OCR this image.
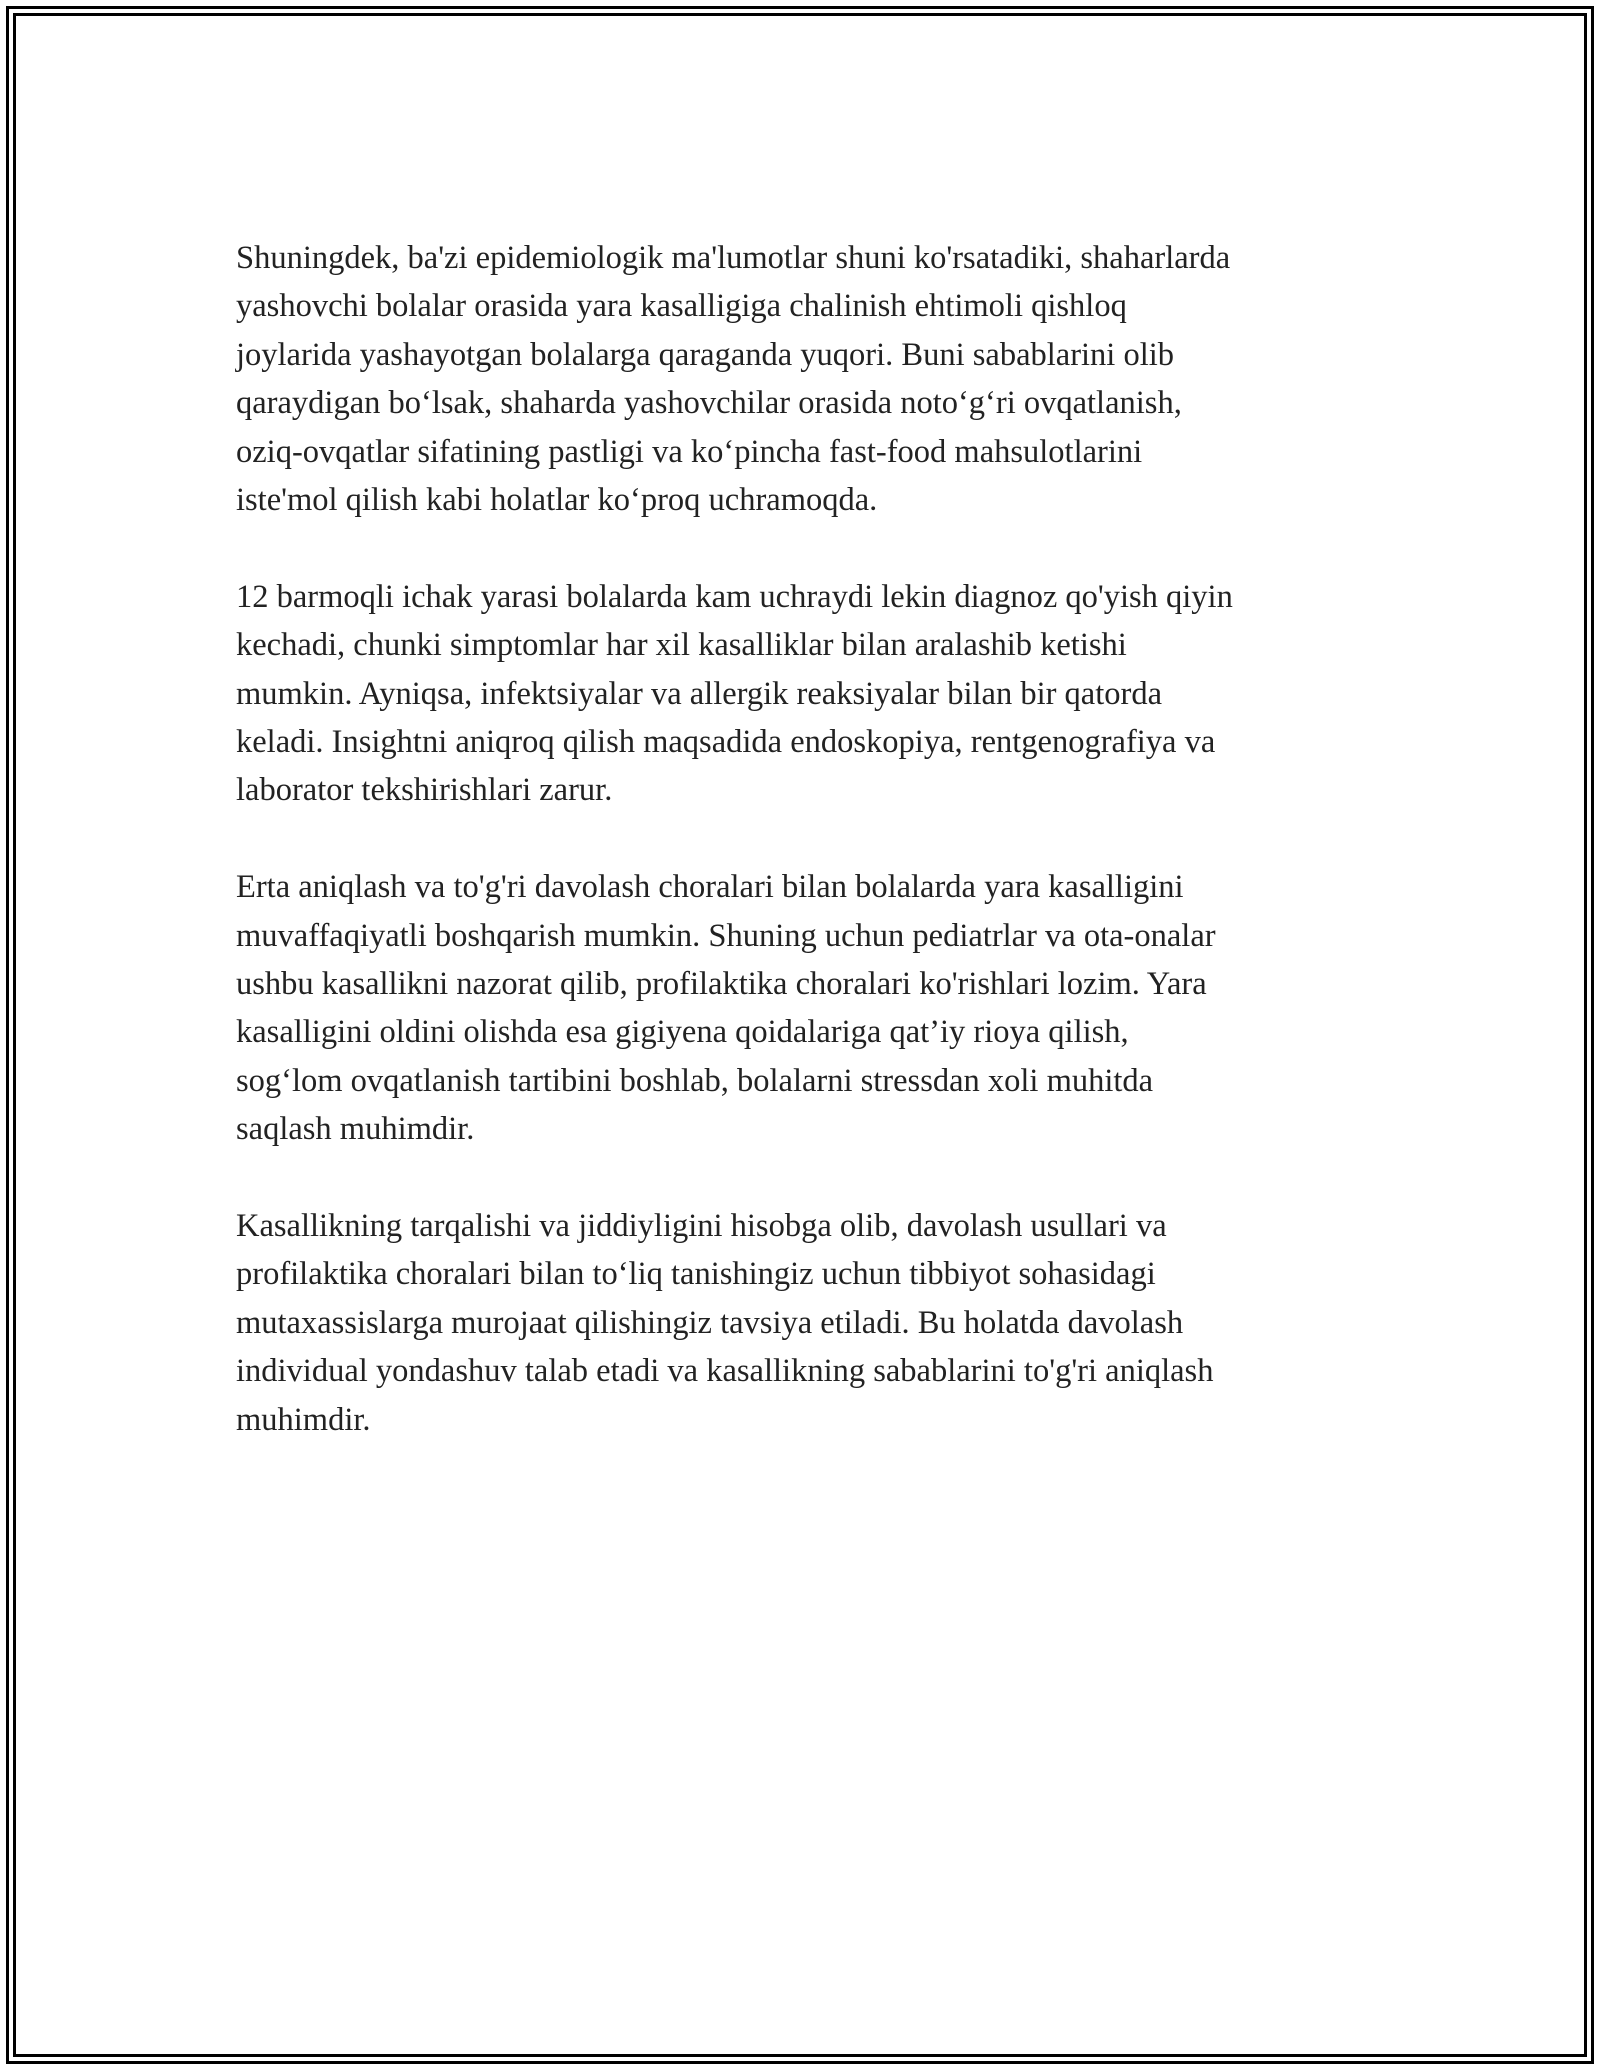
Shuningdek, ba'zi epidemiologik ma'lumotlar shuni ko'rsatadiki, shaharlarda
yashovchi bolalar orasida yara kasalligiga chalinish ehtimoli qishloq
joylarida yashayotgan bolalarga qaraganda yuqori. Buni sabablarini olib
qaraydigan boʻlsak, shaharda yashovchilar orasida notoʻgʻri ovqatlanish,
oziq-ovqatlar sifatining pastligi va koʻpincha fast-food mahsulotlarini
iste'mol qilish kabi holatlar koʻproq uchramoqda.

12 barmoqli ichak yarasi bolalarda kam uchraydi lekin diagnoz qo'yish qiyin
kechadi, chunki simptomlar har xil kasalliklar bilan aralashib ketishi
mumkin. Ayniqsa, infektsiyalar va allergik reaksiyalar bilan bir qatorda
keladi. Insightni aniqroq qilish maqsadida endoskopiya, rentgenografiya va
laborator tekshirishlari zarur.

Erta aniqlash va to'g'ri davolash choralari bilan bolalarda yara kasalligini
muvaffaqiyatli boshqarish mumkin. Shuning uchun pediatrlar va ota-onalar
ushbu kasallikni nazorat qilib, profilaktika choralari ko'rishlari lozim. Yara
kasalligini oldini olishda esa gigiyena qoidalariga qat’iy rioya qilish,
sogʻlom ovqatlanish tartibini boshlab, bolalarni stressdan xoli muhitda
saqlash muhimdir.

Kasallikning tarqalishi va jiddiyligini hisobga olib, davolash usullari va
profilaktika choralari bilan toʻliq tanishingiz uchun tibbiyot sohasidagi
mutaxassislarga murojaat qilishingiz tavsiya etiladi. Bu holatda davolash
individual yondashuv talab etadi va kasallikning sabablarini to'g'ri aniqlash
muhimdir.
